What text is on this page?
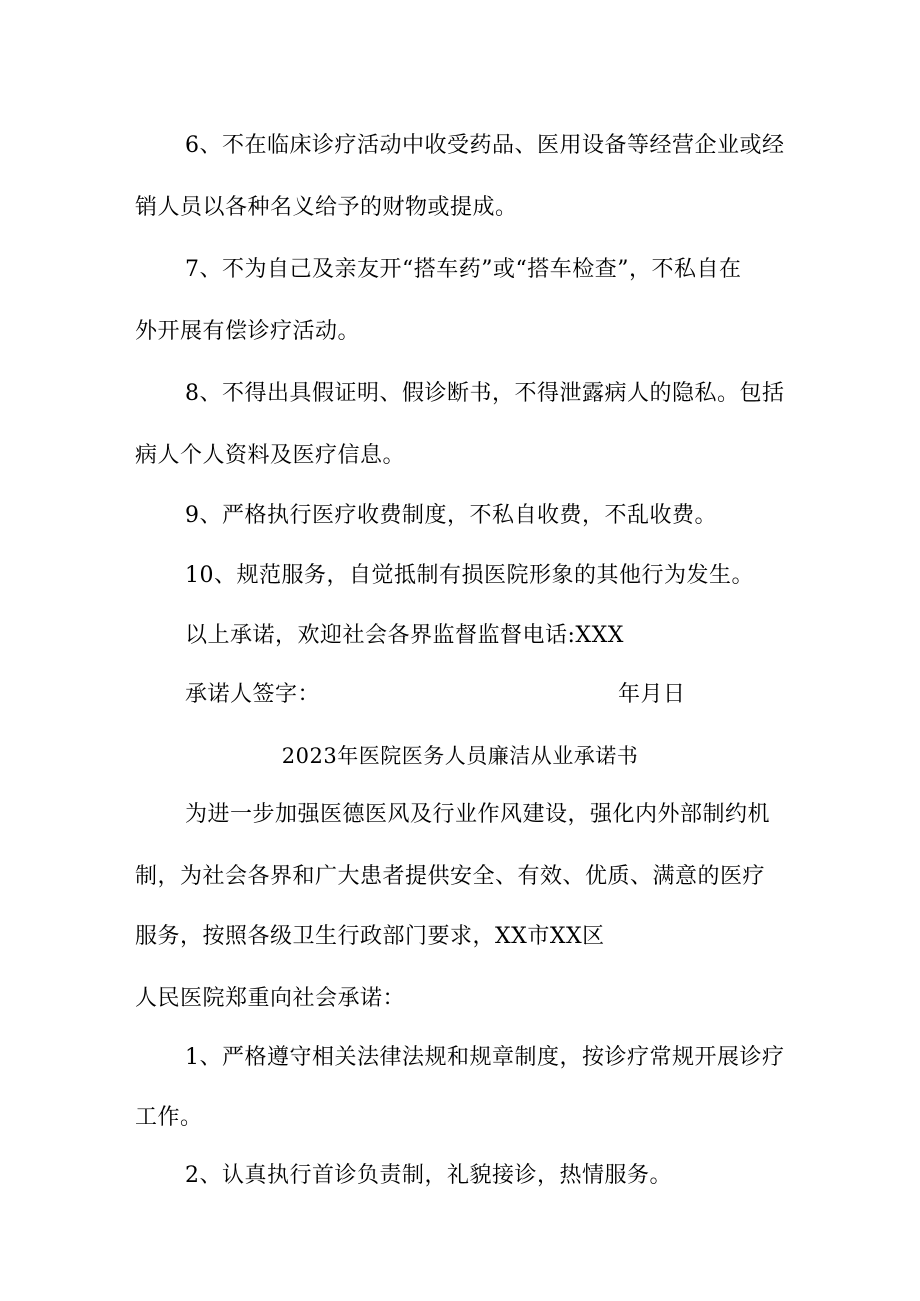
6、不在临床诊疗活动中收受药品、医用设备等经营企业或经
销人员以各种名义给予的财物或提成。
7、不为自己及亲友开“搭车药”或“搭车检查”，不私自在
外开展有偿诊疗活动。
8、不得出具假证明、假诊断书，不得泄露病人的隐私。包括
病人个人资料及医疗信息。
9、严格执行医疗收费制度，不私自收费，不乱收费。
10、规范服务，自觉抵制有损医院形象的其他行为发生。
以上承诺，欢迎社会各界监督监督电话:XXX
承诺人签字：	年月日
2023年医院医务人员廉洁从业承诺书
为进一步加强医德医风及行业作风建设，强化内外部制约机
制，为社会各界和广大患者提供安全、有效、优质、满意的医疗
服务，按照各级卫生行政部门要求，XX市XX区
人民医院郑重向社会承诺：
1、严格遵守相关法律法规和规章制度，按诊疗常规开展诊疗
工作。
2、认真执行首诊负责制，礼貌接诊，热情服务。
